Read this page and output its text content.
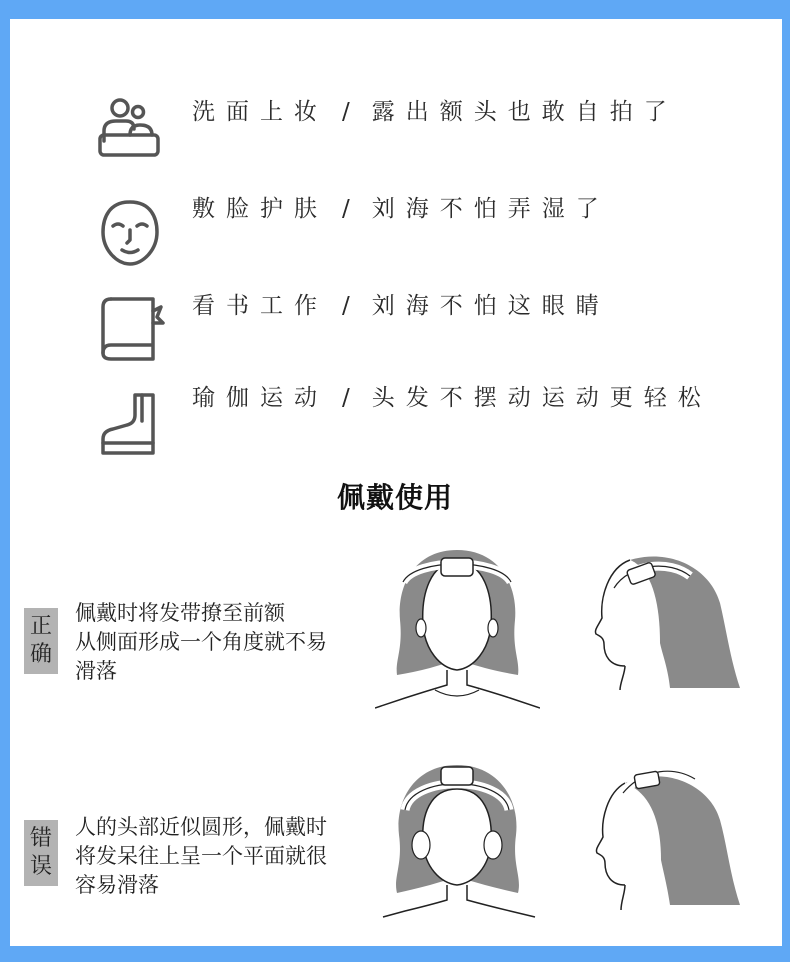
洗面上妆 / 露出额头也敢自拍了
敷脸护肤 / 刘海不怕弄湿了
看书工作 / 刘海不怕这眼睛
瑜伽运动 / 头发不摆动运动更轻松
佩戴使用
正确
佩戴时将发带撩至前额
从侧面形成一个角度就不易
滑落
错误
人的头部近似圆形，佩戴时
将发呆往上呈一个平面就很
容易滑落
